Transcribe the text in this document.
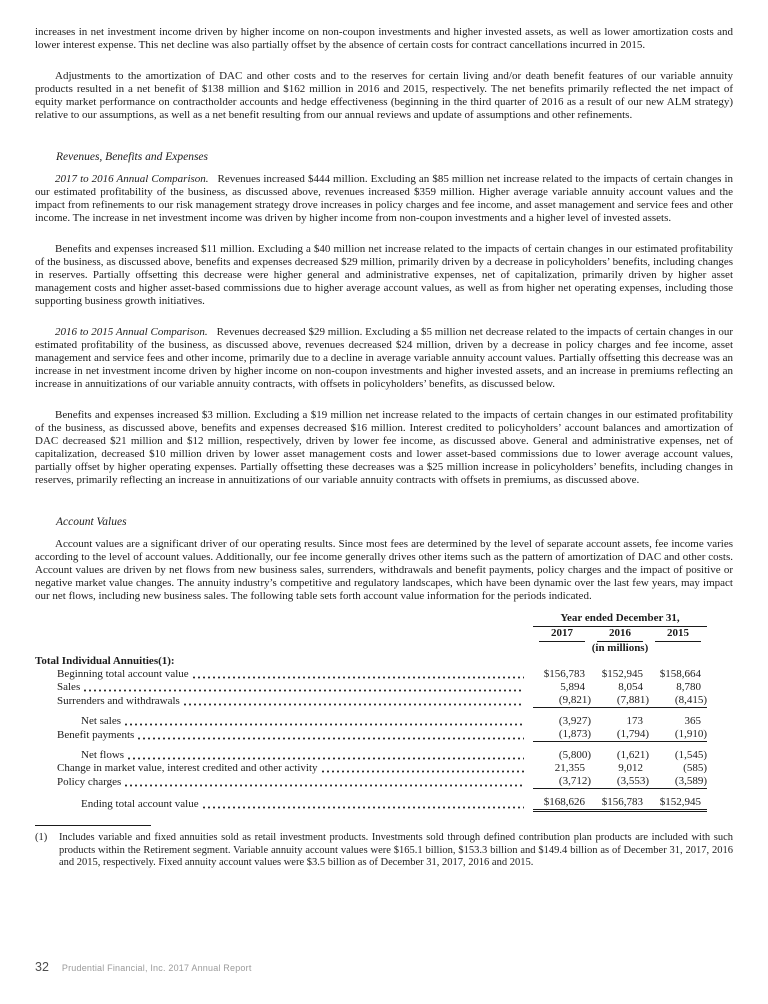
increases in net investment income driven by higher income on non-coupon investments and higher invested assets, as well as lower amortization costs and lower interest expense. This net decline was also partially offset by the absence of certain costs for contract cancellations incurred in 2015.

Adjustments to the amortization of DAC and other costs and to the reserves for certain living and/or death benefit features of our variable annuity products resulted in a net benefit of $138 million and $162 million in 2016 and 2015, respectively. The net benefits primarily reflected the net impact of equity market performance on contractholder accounts and hedge effectiveness (beginning in the third quarter of 2016 as a result of our new ALM strategy) relative to our assumptions, as well as a net benefit resulting from our annual reviews and update of assumptions and other refinements.

Revenues, Benefits and Expenses

2017 to 2016 Annual Comparison. Revenues increased $444 million. Excluding an $85 million net increase related to the impacts of certain changes in our estimated profitability of the business, as discussed above, revenues increased $359 million. Higher average variable annuity account values and the impact from refinements to our risk management strategy drove increases in policy charges and fee income, and asset management and service fees and other income. The increase in net investment income was driven by higher income from non-coupon investments and a higher level of invested assets.

Benefits and expenses increased $11 million. Excluding a $40 million net increase related to the impacts of certain changes in our estimated profitability of the business, as discussed above, benefits and expenses decreased $29 million, primarily driven by a decrease in policyholders’ benefits, including changes in reserves. Partially offsetting this decrease were higher general and administrative expenses, net of capitalization, primarily driven by higher asset management costs and higher asset-based commissions due to higher average account values, as well as from higher net operating expenses, including those supporting business growth initiatives.

2016 to 2015 Annual Comparison. Revenues decreased $29 million. Excluding a $5 million net decrease related to the impacts of certain changes in our estimated profitability of the business, as discussed above, revenues decreased $24 million, driven by a decrease in policy charges and fee income, asset management and service fees and other income, primarily due to a decline in average variable annuity account values. Partially offsetting this decrease was an increase in net investment income driven by higher income on non-coupon investments and higher invested assets, and an increase in premiums reflecting an increase in annuitizations of our variable annuity contracts, with offsets in policyholders’ benefits, as discussed below.

Benefits and expenses increased $3 million. Excluding a $19 million net increase related to the impacts of certain changes in our estimated profitability of the business, as discussed above, benefits and expenses decreased $16 million. Interest credited to policyholders’ account balances and amortization of DAC decreased $21 million and $12 million, respectively, driven by lower fee income, as discussed above. General and administrative expenses, net of capitalization, decreased $10 million driven by lower asset management costs and lower asset-based commissions due to lower average account values, partially offset by higher operating expenses. Partially offsetting these decreases was a $25 million increase in policyholders’ benefits, including changes in reserves, primarily reflecting an increase in annuitizations of our variable annuity contracts with offsets in premiums, as discussed above.

Account Values

Account values are a significant driver of our operating results. Since most fees are determined by the level of separate account assets, fee income varies according to the level of account values. Additionally, our fee income generally drives other items such as the pattern of amortization of DAC and other costs. Account values are driven by net flows from new business sales, surrenders, withdrawals and benefit payments, policy charges and the impact of positive or negative market value changes. The annuity industry’s competitive and regulatory landscapes, which have been dynamic over the last few years, may impact our net flows, including new business sales. The following table sets forth account value information for the periods indicated.

	Year ended December 31,		

	2017	2016	2015
	(in millions)		
Total Individual Annuities(1):			

Beginning total account value	$156,783	$152,945	$158,664

Sales	5,894	8,054	8,780

Surrenders and withdrawals	(9,821)	(7,881)	(8,415)

Net sales	(3,927)	173	365

Benefit payments	(1,873)	(1,794)	(1,910)

Net flows	(5,800)	(1,621)	(1,545)

Change in market value, interest credited and other activity	21,355	9,012	(585)

Policy charges	(3,712)	(3,553)	(3,589)

Ending total account value	$168,626	$156,783	$152,945
(1) Includes variable and fixed annuities sold as retail investment products. Investments sold through defined contribution plan products are included with such products within the Retirement segment. Variable annuity account values were $165.1 billion, $153.3 billion and $149.4 billion as of December 31, 2017, 2016 and 2015, respectively. Fixed annuity account values were $3.5 billion as of December 31, 2017, 2016 and 2015.
32 Prudential Financial, Inc. 2017 Annual Report
